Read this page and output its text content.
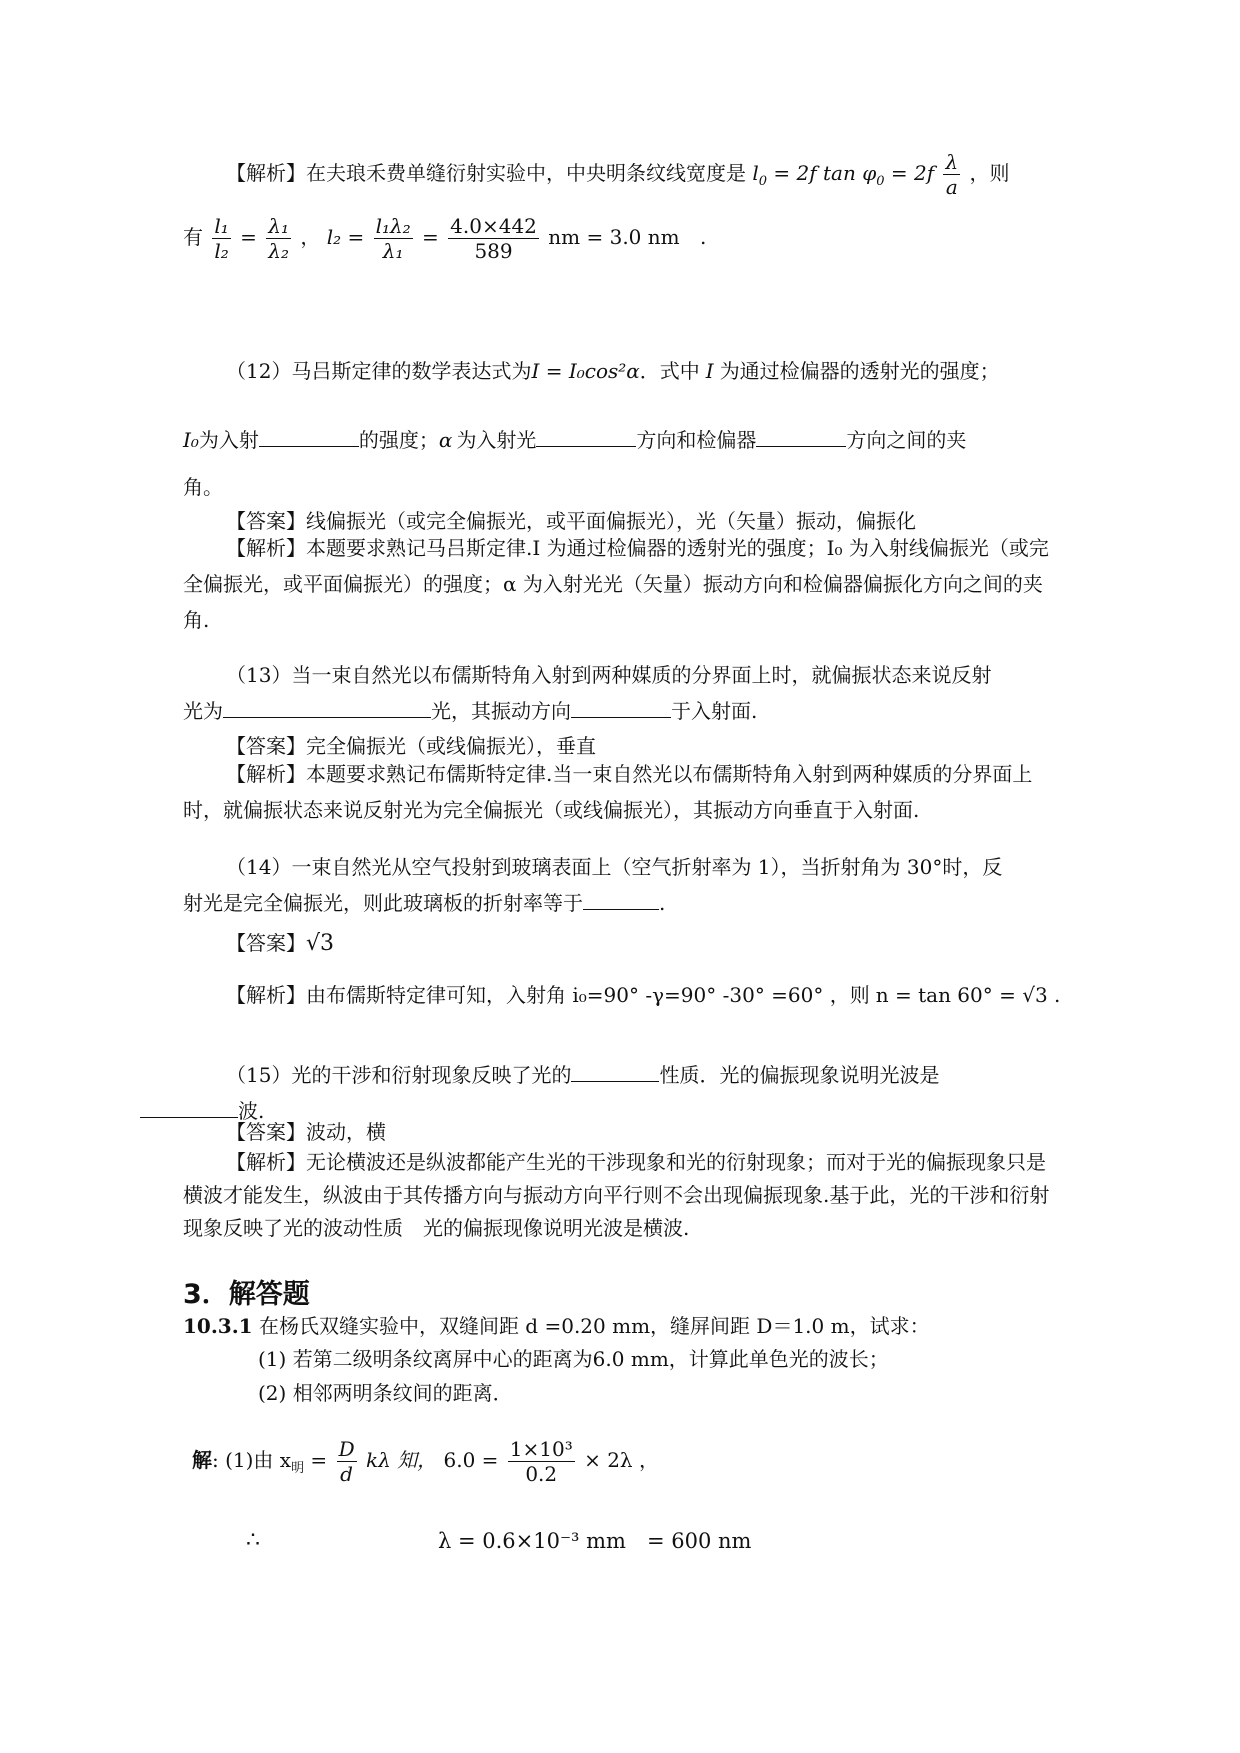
【解析】在夫琅禾费单缝衍射实验中，中央明条纹线宽度是 $l_0 = 2f$ $\tan \varphi_0 = 2f \frac{\lambda}{a}$ ，则
有 $\frac{\text{l₁}}{\text{l₂}} = \frac{\text{λ₁}}{\text{λ₂}}$ ， $l_2 = \frac{\text{l₁λ₂}}{\text{λ₁}} = \frac{4.0\times 442}{589}$ nm = 3.0 nm .
（12）马吕斯定律的数学表达式为I = I₀cos²α．式中 I 为通过检偏器的透射光的强度；
I₀为入射	的强度；α 为入射光	方向和检偏器	方向之间的夹
角。
【答案】线偏振光（或完全偏振光，或平面偏振光），光（矢量）振动，偏振化
【解析】本题要求熟记马吕斯定律.I 为通过检偏器的透射光的强度；I₀ 为入射线偏振光（或完全偏振光，或平面偏振光）的强度；α 为入射光光（矢量）振动方向和检偏器偏振化方向之间的夹角.
（13）当一束自然光以布儒斯特角入射到两种媒质的分界面上时，就偏振状态来说反射
光为	光，其振动方向	于入射面.
【答案】完全偏振光（或线偏振光），垂直
【解析】本题要求熟记布儒斯特定律.当一束自然光以布儒斯特角入射到两种媒质的分界面上时，就偏振状态来说反射光为完全偏振光（或线偏振光），其振动方向垂直于入射面.
（14）一束自然光从空气投射到玻璃表面上（空气折射率为 1），当折射角为 30°时，反
射光是完全偏振光，则此玻璃板的折射率等于	.
【答案】√3
【解析】由布儒斯特定律可知，入射角 i₀=90° -γ=90° -30° =60° ，则 n = tan 60° = √3 .
（15）光的干涉和衍射现象反映了光的	性质．光的偏振现象说明光波是
波.
【答案】波动，横
【解析】无论横波还是纵波都能产生光的干涉现象和光的衍射现象；而对于光的偏振现象只是横波才能发生，纵波由于其传播方向与振动方向平行则不会出现偏振现象.基于此，光的干涉和衍射现象反映了光的波动性质　光的偏振现像说明光波是横波.
3．解答题
10.3.1 在杨氏双缝实验中，双缝间距 d =0.20 mm，缝屏间距 D＝1.0 m，试求：
(1) 若第二级明条纹离屏中心的距离为6.0 mm，计算此单色光的波长；
(2) 相邻两明条纹间的距离．
解: (1)由 $x_明 = \frac{D}{d}$ kλ 知， $6.0 = \frac{\text{1×10³}}{0.2} \times 2\lambda$ ，
∴	λ = 0.6×10⁻³ mm　= 600 nm
